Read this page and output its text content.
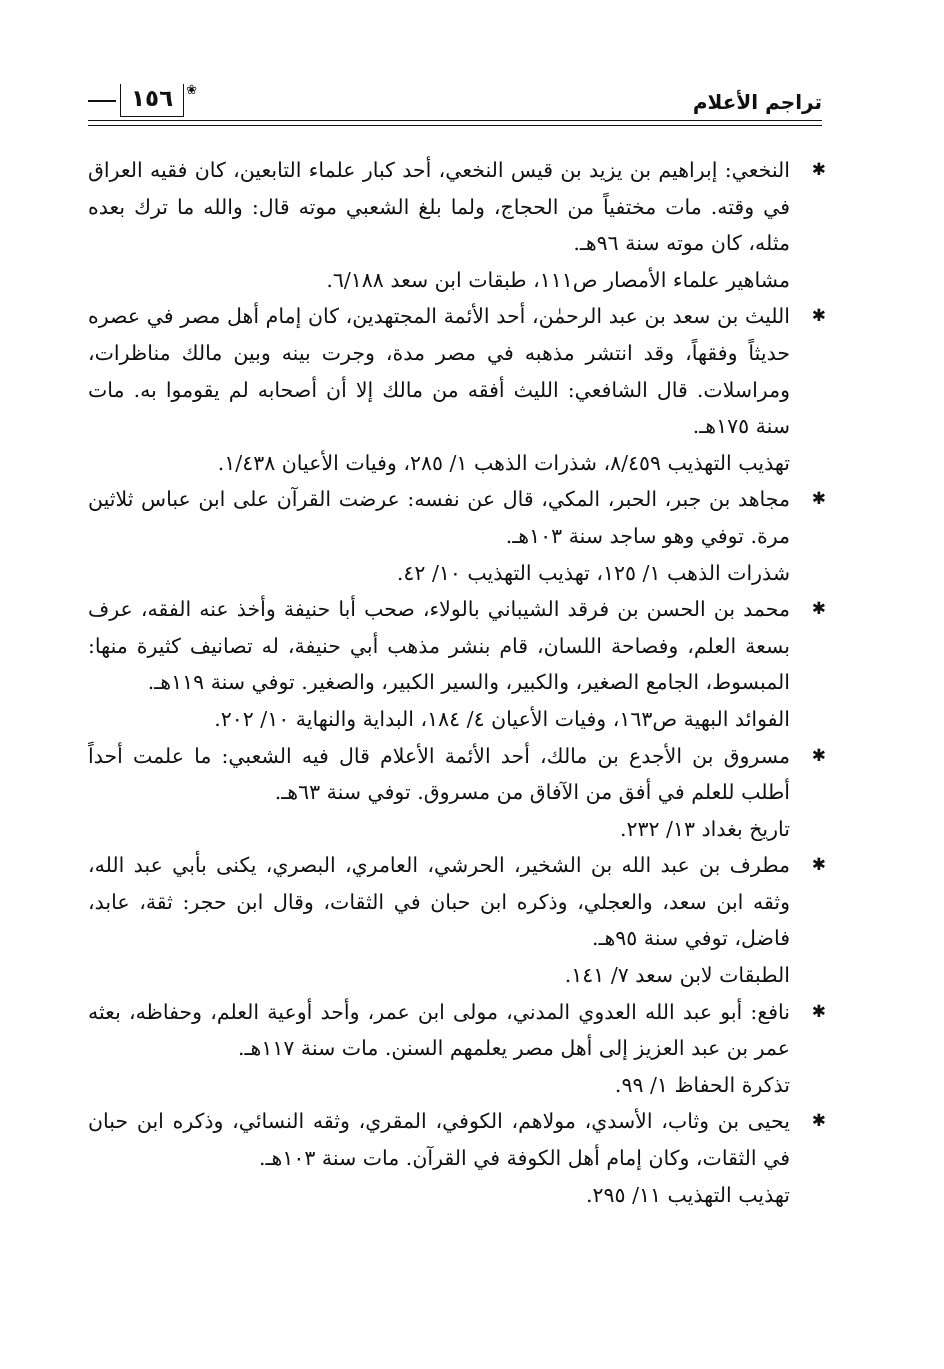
تراجم الأعلام
١٥٦	❀
✱

النخعي: إبراهيم بن يزيد بن قيس النخعي، أحد كبار علماء التابعين، كان فقيه العراق في وقته. مات مختفياً من الحجاج، ولما بلغ الشعبي موته قال: والله ما ترك بعده مثله، كان موته سنة ٩٦هـ.

مشاهير علماء الأمصار ص١١١، طبقات ابن سعد ٦/١٨٨.

✱

الليث بن سعد بن عبد الرحمٰن، أحد الأئمة المجتهدين، كان إمام أهل مصر في عصره حديثاً وفقهاً، وقد انتشر مذهبه في مصر مدة، وجرت بينه وبين مالك مناظرات، ومراسلات. قال الشافعي: الليث أفقه من مالك إلا أن أصحابه لم يقوموا به. مات سنة ١٧٥هـ.

تهذيب التهذيب ٨/٤٥٩، شذرات الذهب ١/ ٢٨٥، وفيات الأعيان ١/٤٣٨.

✱

مجاهد بن جبر، الحبر، المكي، قال عن نفسه: عرضت القرآن على ابن عباس ثلاثين مرة. توفي وهو ساجد سنة ١٠٣هـ.

شذرات الذهب ١/ ١٢٥، تهذيب التهذيب ١٠/ ٤٢.

✱

محمد بن الحسن بن فرقد الشيباني بالولاء، صحب أبا حنيفة وأخذ عنه الفقه، عرف بسعة العلم، وفصاحة اللسان، قام بنشر مذهب أبي حنيفة، له تصانيف كثيرة منها: المبسوط، الجامع الصغير، والكبير، والسير الكبير، والصغير. توفي سنة ١١٩هـ.

الفوائد البهية ص١٦٣، وفيات الأعيان ٤/ ١٨٤، البداية والنهاية ١٠/ ٢٠٢.

✱

مسروق بن الأجدع بن مالك، أحد الأئمة الأعلام قال فيه الشعبي: ما علمت أحداً أطلب للعلم في أفق من الآفاق من مسروق. توفي سنة ٦٣هـ.

تاريخ بغداد ١٣/ ٢٣٢.

✱

مطرف بن عبد الله بن الشخير، الحرشي، العامري، البصري، يكنى بأبي عبد الله، وثقه ابن سعد، والعجلي، وذكره ابن حبان في الثقات، وقال ابن حجر: ثقة، عابد، فاضل، توفي سنة ٩٥هـ.

الطبقات لابن سعد ٧/ ١٤١.

✱

نافع: أبو عبد الله العدوي المدني، مولى ابن عمر، وأحد أوعية العلم، وحفاظه، بعثه عمر بن عبد العزيز إلى أهل مصر يعلمهم السنن. مات سنة ١١٧هـ.

تذكرة الحفاظ ١/ ٩٩.

✱

يحيى بن وثاب، الأسدي، مولاهم، الكوفي، المقري، وثقه النسائي، وذكره ابن حبان في الثقات، وكان إمام أهل الكوفة في القرآن. مات سنة ١٠٣هـ.

تهذيب التهذيب ١١/ ٢٩٥.
